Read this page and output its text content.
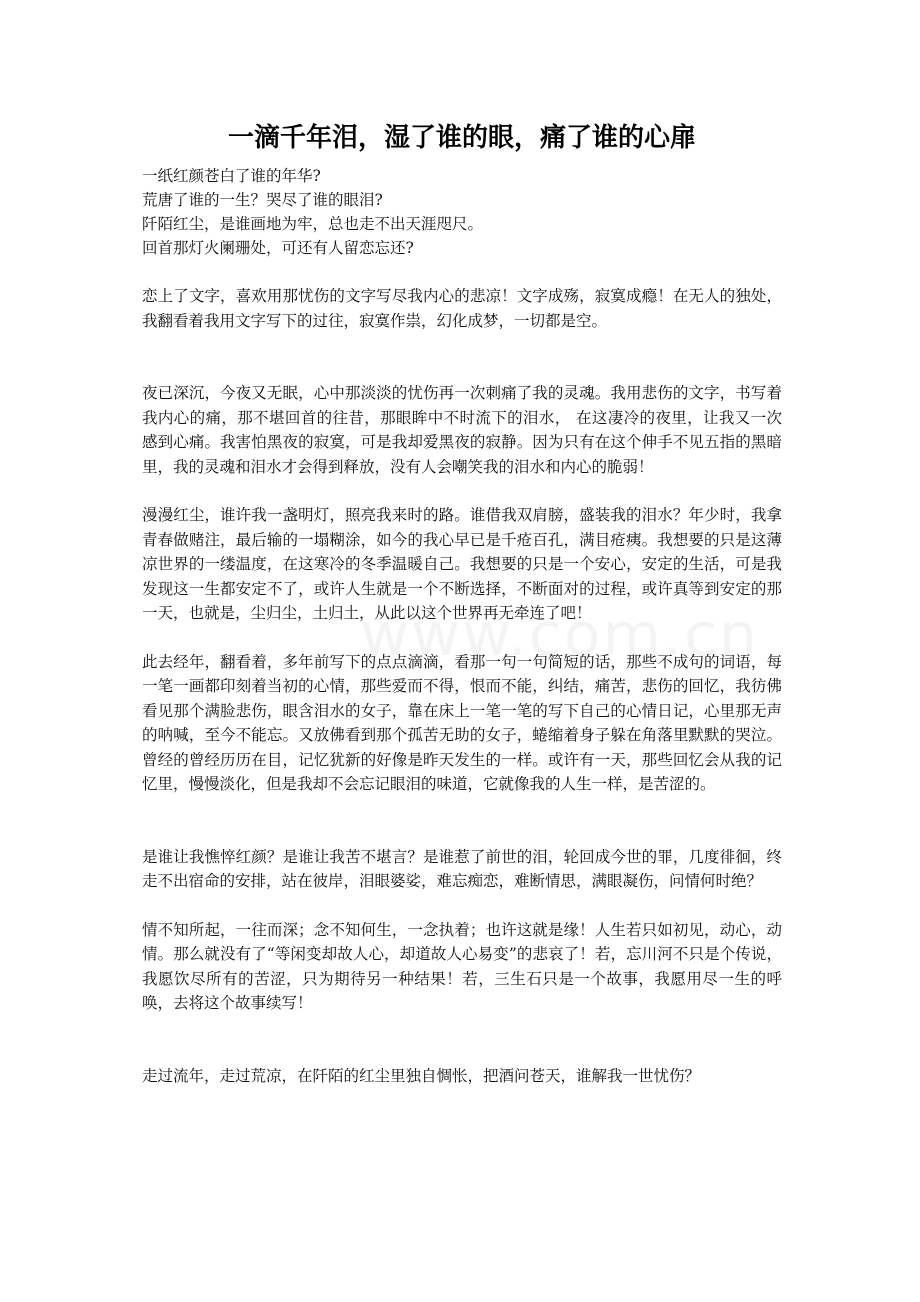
一滴千年泪，湿了谁的眼，痛了谁的心扉
一纸红颜苍白了谁的年华?
荒唐了谁的一生？哭尽了谁的眼泪?
阡陌红尘，是谁画地为牢，总也走不出天涯咫尺。
回首那灯火阑珊处，可还有人留恋忘还?

恋上了文字，喜欢用那忧伤的文字写尽我内心的悲凉！文字成殇，寂寞成瘾！在无人的独处，我翻看着我用文字写下的过往，寂寞作祟，幻化成梦，一切都是空。

夜已深沉，今夜又无眠，心中那淡淡的忧伤再一次刺痛了我的灵魂。我用悲伤的文字，书写着我内心的痛，那不堪回首的往昔，那眼眸中不时流下的泪水， 在这凄冷的夜里，让我又一次感到心痛。我害怕黑夜的寂寞，可是我却爱黑夜的寂静。因为只有在这个伸手不见五指的黑暗里，我的灵魂和泪水才会得到释放，没有人会嘲笑我的泪水和内心的脆弱！

漫漫红尘，谁许我一盏明灯，照亮我来时的路。谁借我双肩膀，盛装我的泪水？年少时，我拿青春做赌注，最后输的一塌糊涂，如今的我心早已是千疮百孔，满目疮痍。我想要的只是这薄凉世界的一缕温度，在这寒冷的冬季温暖自己。我想要的只是一个安心，安定的生活，可是我发现这一生都安定不了，或许人生就是一个不断选择，不断面对的过程，或许真等到安定的那一天，也就是，尘归尘，土归土，从此以这个世界再无牵连了吧！

此去经年，翻看着，多年前写下的点点滴滴，看那一句一句简短的话，那些不成句的词语，每一笔一画都印刻着当初的心情，那些爱而不得，恨而不能，纠结，痛苦，悲伤的回忆，我彷佛看见那个满脸悲伤，眼含泪水的女子，靠在床上一笔一笔的写下自己的心情日记，心里那无声的呐喊，至今不能忘。又放佛看到那个孤苦无助的女子，蜷缩着身子躲在角落里默默的哭泣。曾经的曾经历历在目，记忆犹新的好像是昨天发生的一样。或许有一天，那些回忆会从我的记忆里，慢慢淡化，但是我却不会忘记眼泪的味道，它就像我的人生一样，是苦涩的。

是谁让我憔悴红颜？是谁让我苦不堪言？是谁惹了前世的泪，轮回成今世的罪，几度徘徊，终走不出宿命的安排，站在彼岸，泪眼婆娑，难忘痴恋，难断情思，满眼凝伤，问情何时绝？

情不知所起，一往而深；念不知何生，一念执着；也许这就是缘！人生若只如初见，动心，动情。那么就没有了“等闲变却故人心，却道故人心易变”的悲哀了！若，忘川河不只是个传说，我愿饮尽所有的苦涩，只为期待另一种结果！若，三生石只是一个故事，我愿用尽一生的呼唤，去将这个故事续写！

走过流年，走过荒凉，在阡陌的红尘里独自惆怅，把酒问苍天，谁解我一世忧伤？
